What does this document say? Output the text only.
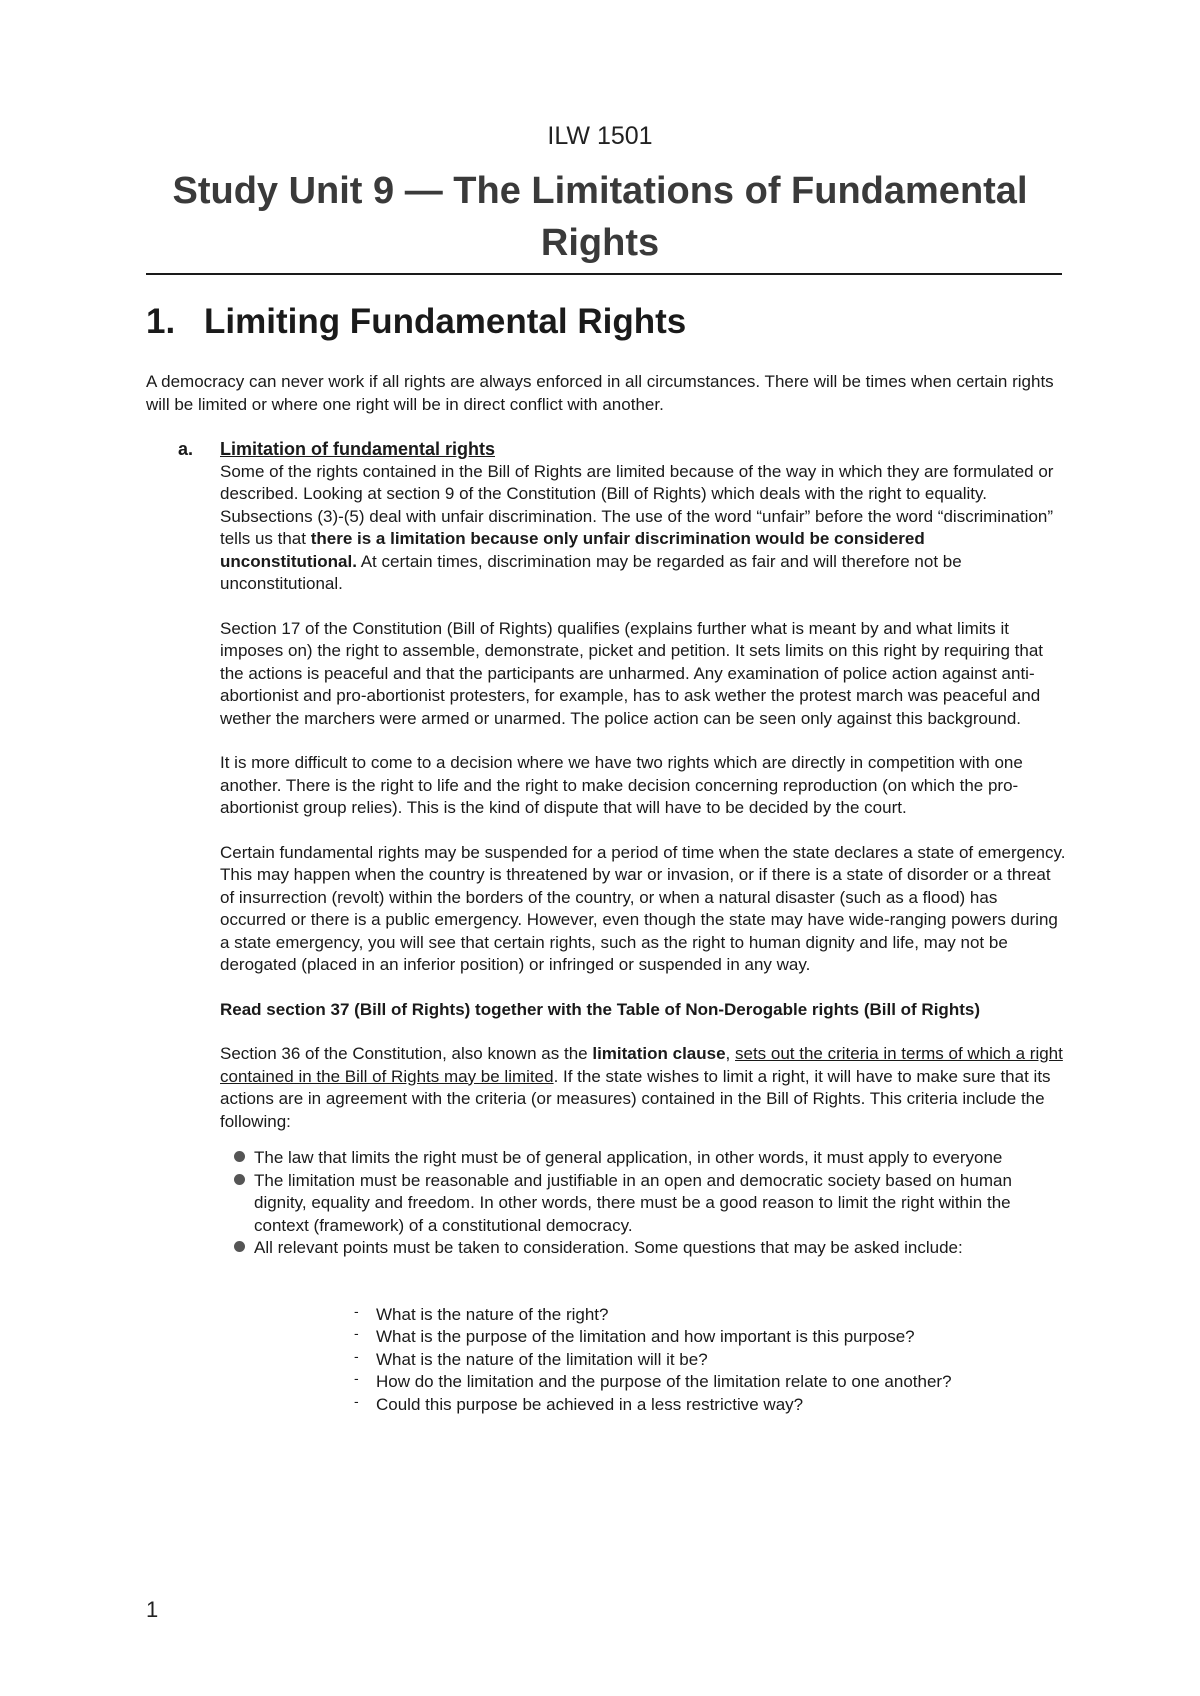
ILW 1501
Study Unit 9 — The Limitations of Fundamental Rights
1. Limiting Fundamental Rights

A democracy can never work if all rights are always enforced in all circumstances. There will be times when certain rights will be limited or where one right will be in direct conflict with another.

a. Limitation of fundamental rights

Some of the rights contained in the Bill of Rights are limited because of the way in which they are formulated or described. Looking at section 9 of the Constitution (Bill of Rights) which deals with the right to equality. Subsections (3)-(5) deal with unfair discrimination. The use of the word “unfair” before the word “discrimination” tells us that there is a limitation because only unfair discrimination would be considered unconstitutional. At certain times, discrimination may be regarded as fair and will therefore not be unconstitutional.

Section 17 of the Constitution (Bill of Rights) qualifies (explains further what is meant by and what limits it imposes on) the right to assemble, demonstrate, picket and petition. It sets limits on this right by requiring that the actions is peaceful and that the participants are unharmed. Any examination of police action against anti-abortionist and pro-abortionist protesters, for example, has to ask wether the protest march was peaceful and wether the marchers were armed or unarmed. The police action can be seen only against this background.

It is more difficult to come to a decision where we have two rights which are directly in competition with one another. There is the right to life and the right to make decision concerning reproduction (on which the pro-abortionist group relies). This is the kind of dispute that will have to be decided by the court.

Certain fundamental rights may be suspended for a period of time when the state declares a state of emergency. This may happen when the country is threatened by war or invasion, or if there is a state of disorder or a threat of insurrection (revolt) within the borders of the country, or when a natural disaster (such as a flood) has occurred or there is a public emergency. However, even though the state may have wide-ranging powers during a state emergency, you will see that certain rights, such as the right to human dignity and life, may not be derogated (placed in an inferior position) or infringed or suspended in any way.

Read section 37 (Bill of Rights) together with the Table of Non-Derogable rights (Bill of Rights)

Section 36 of the Constitution, also known as the limitation clause, sets out the criteria in terms of which a right contained in the Bill of Rights may be limited. If the state wishes to limit a right, it will have to make sure that its actions are in agreement with the criteria (or measures) contained in the Bill of Rights. This criteria include the following:

The law that limits the right must be of general application, in other words, it must apply to everyone
The limitation must be reasonable and justifiable in an open and democratic society based on human dignity, equality and freedom. In other words, there must be a good reason to limit the right within the context (framework) of a constitutional democracy.
All relevant points must be taken to consideration. Some questions that may be asked include:
- What is the nature of the right?
- What is the purpose of the limitation and how important is this purpose?
- What is the nature of the limitation will it be?
- How do the limitation and the purpose of the limitation relate to one another?
- Could this purpose be achieved in a less restrictive way?
1
